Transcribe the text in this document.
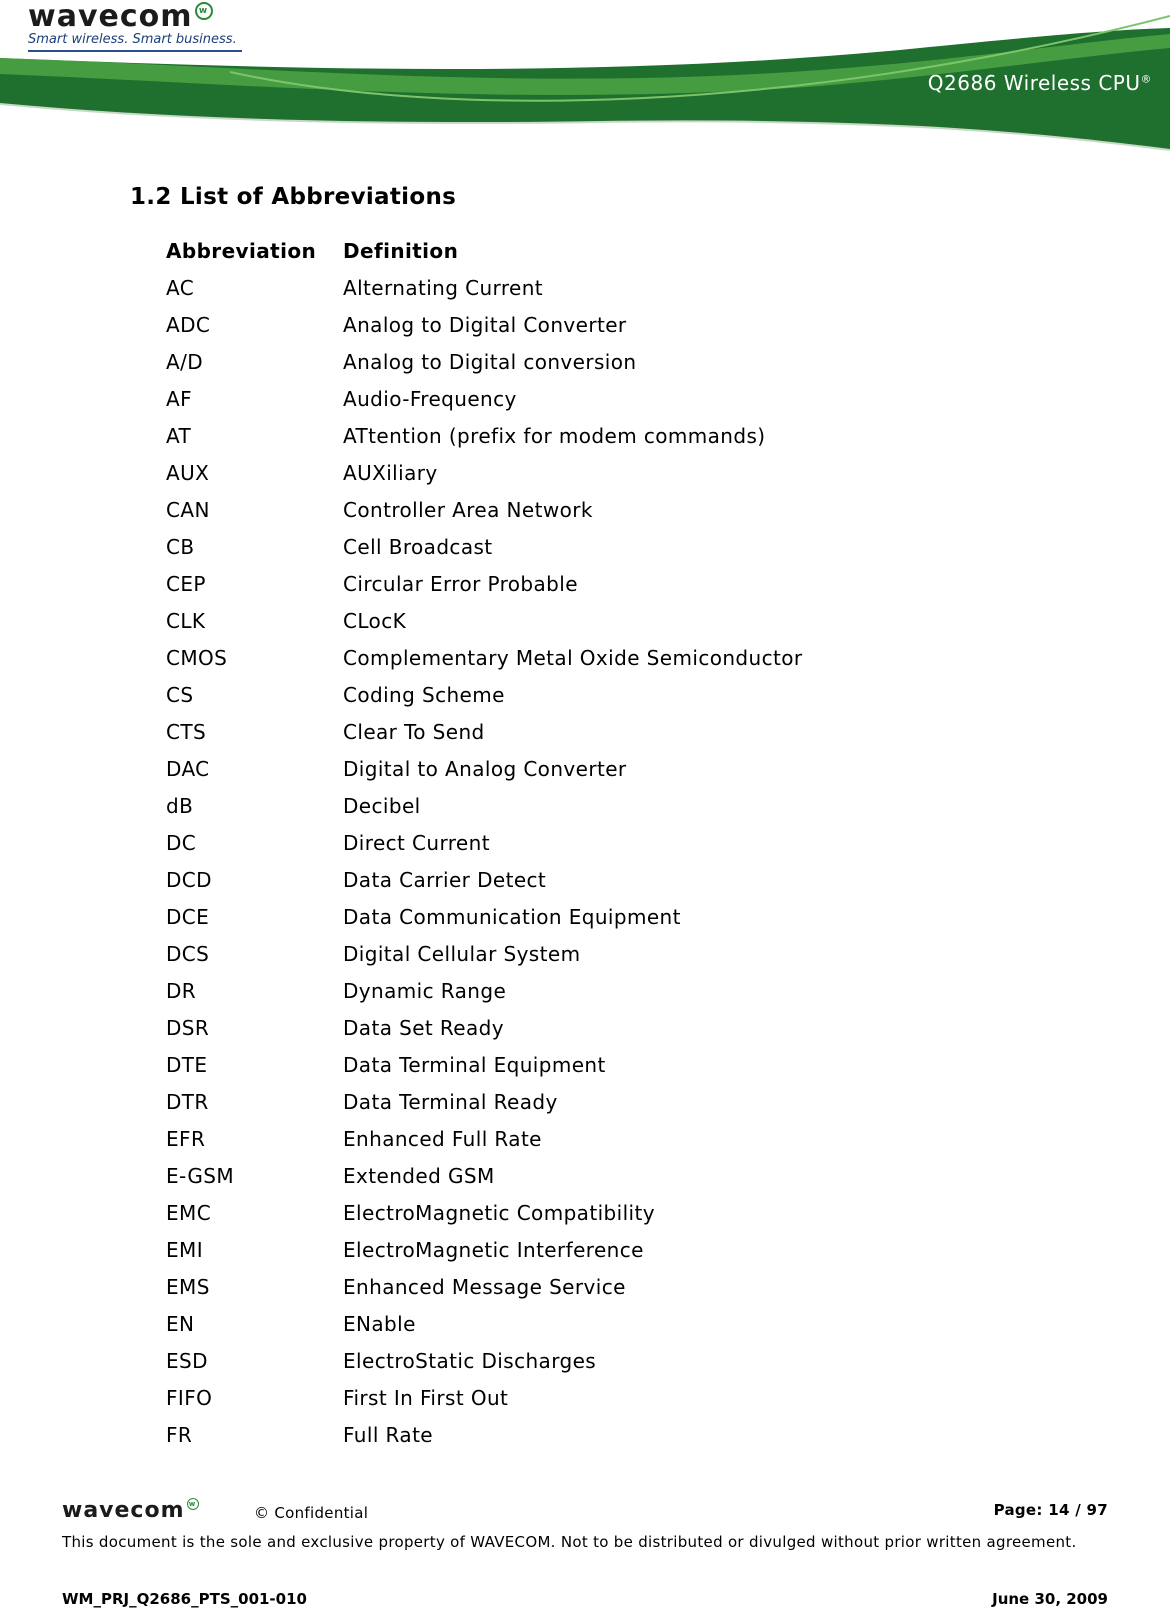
wavecom w
Smart wireless. Smart business.
Q2686 Wireless CPU®
1.2 List of Abbreviations
Abbreviation	Definition
AC	Alternating Current
ADC	Analog to Digital Converter
A/D	Analog to Digital conversion
AF	Audio-Frequency
AT	ATtention (prefix for modem commands)
AUX	AUXiliary
CAN	Controller Area Network
CB	Cell Broadcast
CEP	Circular Error Probable
CLK	CLocK
CMOS	Complementary Metal Oxide Semiconductor
CS	Coding Scheme
CTS	Clear To Send
DAC	Digital to Analog Converter
dB	Decibel
DC	Direct Current
DCD	Data Carrier Detect
DCE	Data Communication Equipment
DCS	Digital Cellular System
DR	Dynamic Range
DSR	Data Set Ready
DTE	Data Terminal Equipment
DTR	Data Terminal Ready
EFR	Enhanced Full Rate
E-GSM	Extended GSM
EMC	ElectroMagnetic Compatibility
EMI	ElectroMagnetic Interference
EMS	Enhanced Message Service
EN	ENable
ESD	ElectroStatic Discharges
FIFO	First In First Out
FR	Full Rate
wavecom w	© Confidential	Page: 14 / 97
This document is the sole and exclusive property of WAVECOM. Not to be distributed or divulged without prior written agreement.
WM_PRJ_Q2686_PTS_001-010	June 30, 2009
